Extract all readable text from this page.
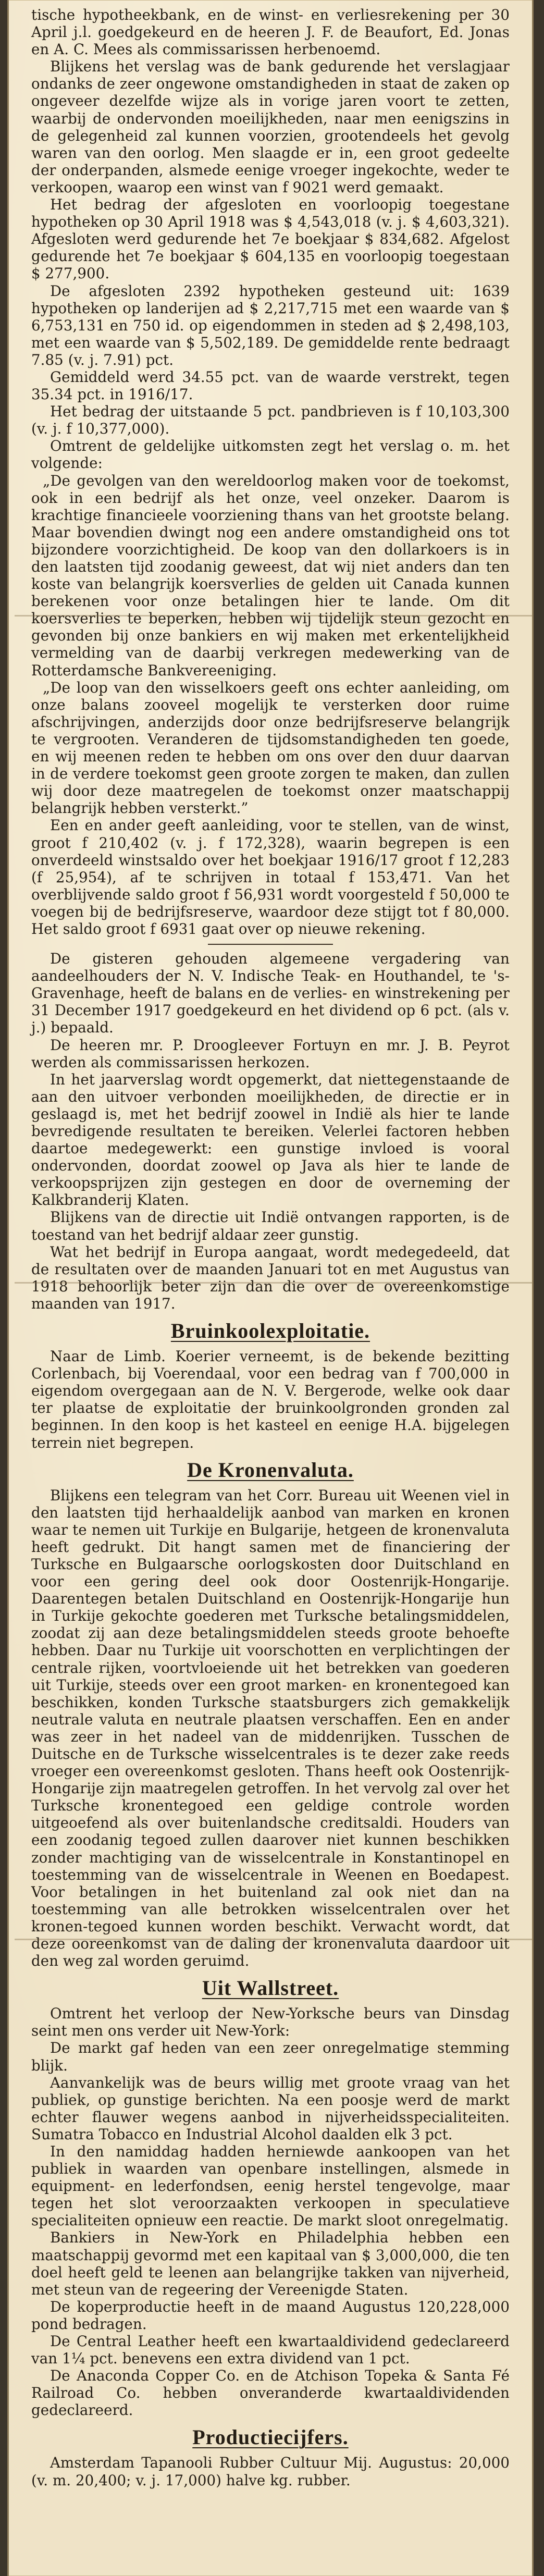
tische hypotheekbank, en de winst- en verliesrekening per 30 April j.l. goedgekeurd en de heeren J. F. de Beaufort, Ed. Jonas en A. C. Mees als commissarissen herbenoemd.

Blijkens het verslag was de bank gedurende het verslagjaar ondanks de zeer ongewone omstandigheden in staat de zaken op ongeveer dezelfde wijze als in vorige jaren voort te zetten, waarbij de ondervonden moeilijkheden, naar men eenigszins in de gelegenheid zal kunnen voorzien, grootendeels het gevolg waren van den oorlog. Men slaagde er in, een groot gedeelte der onderpanden, alsmede eenige vroeger ingekochte, weder te verkoopen, waarop een winst van f 9021 werd gemaakt.

Het bedrag der afgesloten en voorloopig toegestane hypotheken op 30 April 1918 was $ 4,543,018 (v. j. $ 4,603,321). Afgesloten werd gedurende het 7e boekjaar $ 834,682. Afgelost gedurende het 7e boekjaar $ 604,135 en voorloopig toegestaan $ 277,900.

De afgesloten 2392 hypotheken gesteund uit: 1639 hypotheken op landerijen ad $ 2,217,715 met een waarde van $ 6,753,131 en 750 id. op eigendommen in steden ad $ 2,498,103, met een waarde van $ 5,502,189. De gemiddelde rente bedraagt 7.85 (v. j. 7.91) pct.

Gemiddeld werd 34.55 pct. van de waarde verstrekt, tegen 35.34 pct. in 1916/17.

Het bedrag der uitstaande 5 pct. pandbrieven is f 10,103,300 (v. j. f 10,377,000).

Omtrent de geldelijke uitkomsten zegt het verslag o. m. het volgende:

„De gevolgen van den wereldoorlog maken voor de toekomst, ook in een bedrijf als het onze, veel onzeker. Daarom is krachtige financieele voorziening thans van het grootste belang. Maar bovendien dwingt nog een andere omstandigheid ons tot bijzondere voorzichtigheid. De koop van den dollarkoers is in den laatsten tijd zoodanig geweest, dat wij niet anders dan ten koste van belangrijk koersverlies de gelden uit Canada kunnen berekenen voor onze betalingen hier te lande. Om dit koersverlies te beperken, hebben wij tijdelijk steun gezocht en gevonden bij onze bankiers en wij maken met erkentelijkheid vermelding van de daarbij verkregen medewerking van de Rotterdamsche Bankvereeniging.

„De loop van den wisselkoers geeft ons echter aanleiding, om onze balans zooveel mogelijk te versterken door ruime afschrijvingen, anderzijds door onze bedrijfsreserve belangrijk te vergrooten. Veranderen de tijdsomstandigheden ten goede, en wij meenen reden te hebben om ons over den duur daarvan in de verdere toekomst geen groote zorgen te maken, dan zullen wij door deze maatregelen de toekomst onzer maatschappij belangrijk hebben versterkt.”

Een en ander geeft aanleiding, voor te stellen, van de winst, groot f 210,402 (v. j. f 172,328), waarin begrepen is een onverdeeld winstsaldo over het boekjaar 1916/17 groot f 12,283 (f 25,954), af te schrijven in totaal f 153,471. Van het overblijvende saldo groot f 56,931 wordt voorgesteld f 50,000 te voegen bij de bedrijfsreserve, waardoor deze stijgt tot f 80,000. Het saldo groot f 6931 gaat over op nieuwe rekening.

De gisteren gehouden algemeene vergadering van aandeelhouders der N. V. Indische Teak- en Houthandel, te 's-Gravenhage, heeft de balans en de verlies- en winstrekening per 31 December 1917 goedgekeurd en het dividend op 6 pct. (als v. j.) bepaald.

De heeren mr. P. Droogleever Fortuyn en mr. J. B. Peyrot werden als commissarissen herkozen.

In het jaarverslag wordt opgemerkt, dat niettegenstaande de aan den uitvoer verbonden moeilijkheden, de directie er in geslaagd is, met het bedrijf zoowel in Indië als hier te lande bevredigende resultaten te bereiken. Velerlei factoren hebben daartoe medegewerkt: een gunstige invloed is vooral ondervonden, doordat zoowel op Java als hier te lande de verkoopsprijzen zijn gestegen en door de overneming der Kalkbranderij Klaten.

Blijkens van de directie uit Indië ontvangen rapporten, is de toestand van het bedrijf aldaar zeer gunstig.

Wat het bedrijf in Europa aangaat, wordt medegedeeld, dat de resultaten over de maanden Januari tot en met Augustus van 1918 behoorlijk beter zijn dan die over de overeenkomstige maanden van 1917.

Bruinkoolexploitatie.

Naar de Limb. Koerier verneemt, is de bekende bezitting Corlenbach, bij Voerendaal, voor een bedrag van f 700,000 in eigendom overgegaan aan de N. V. Bergerode, welke ook daar ter plaatse de exploitatie der bruinkoolgronden gronden zal beginnen. In den koop is het kasteel en eenige H.A. bijgelegen terrein niet begrepen.

De Kronenvaluta.

Blijkens een telegram van het Corr. Bureau uit Weenen viel in den laatsten tijd herhaaldelijk aanbod van marken en kronen waar te nemen uit Turkije en Bulgarije, hetgeen de kronenvaluta heeft gedrukt. Dit hangt samen met de financiering der Turksche en Bulgaarsche oorlogskosten door Duitschland en voor een gering deel ook door Oostenrijk-Hongarije. Daarentegen betalen Duitschland en Oostenrijk-Hongarije hun in Turkije gekochte goederen met Turksche betalingsmiddelen, zoodat zij aan deze betalingsmiddelen steeds groote behoefte hebben. Daar nu Turkije uit voorschotten en verplichtingen der centrale rijken, voortvloeiende uit het betrekken van goederen uit Turkije, steeds over een groot marken- en kronentegoed kan beschikken, konden Turksche staatsburgers zich gemakkelijk neutrale valuta en neutrale plaatsen verschaffen. Een en ander was zeer in het nadeel van de middenrijken. Tusschen de Duitsche en de Turksche wisselcentrales is te dezer zake reeds vroeger een overeenkomst gesloten. Thans heeft ook Oostenrijk-Hongarije zijn maatregelen getroffen. In het vervolg zal over het Turksche kronentegoed een geldige controle worden uitgeoefend als over buitenlandsche creditsaldi. Houders van een zoodanig tegoed zullen daarover niet kunnen beschikken zonder machtiging van de wisselcentrale in Konstantinopel en toestemming van de wisselcentrale in Weenen en Boedapest. Voor betalingen in het buitenland zal ook niet dan na toestemming van alle betrokken wisselcentralen over het kronen-tegoed kunnen worden beschikt. Verwacht wordt, dat deze ooreenkomst van de daling der kronenvaluta daardoor uit den weg zal worden geruimd.

Uit Wallstreet.

Omtrent het verloop der New-Yorksche beurs van Dinsdag seint men ons verder uit New-York:

De markt gaf heden van een zeer onregelmatige stemming blijk.

Aanvankelijk was de beurs willig met groote vraag van het publiek, op gunstige berichten. Na een poosje werd de markt echter flauwer wegens aanbod in nijverheidsspecialiteiten. Sumatra Tobacco en Industrial Alcohol daalden elk 3 pct.

In den namiddag hadden herniewde aankoopen van het publiek in waarden van openbare instellingen, alsmede in equipment- en lederfondsen, eenig herstel tengevolge, maar tegen het slot veroorzaakten verkoopen in speculatieve specialiteiten opnieuw een reactie. De markt sloot onregelmatig.

Bankiers in New-York en Philadelphia hebben een maatschappij gevormd met een kapitaal van $ 3,000,000, die ten doel heeft geld te leenen aan belangrijke takken van nijverheid, met steun van de regeering der Vereenigde Staten.

De koperproductie heeft in de maand Augustus 120,228,000 pond bedragen.

De Central Leather heeft een kwartaaldividend gedeclareerd van 1¼ pct. benevens een extra dividend van 1 pct.

De Anaconda Copper Co. en de Atchison Topeka & Santa Fé Railroad Co. hebben onveranderde kwartaaldividenden gedeclareerd.

Productiecijfers.

Amsterdam Tapanooli Rubber Cultuur Mij. Augustus: 20,000 (v. m. 20,400; v. j. 17,000) halve kg. rubber.
